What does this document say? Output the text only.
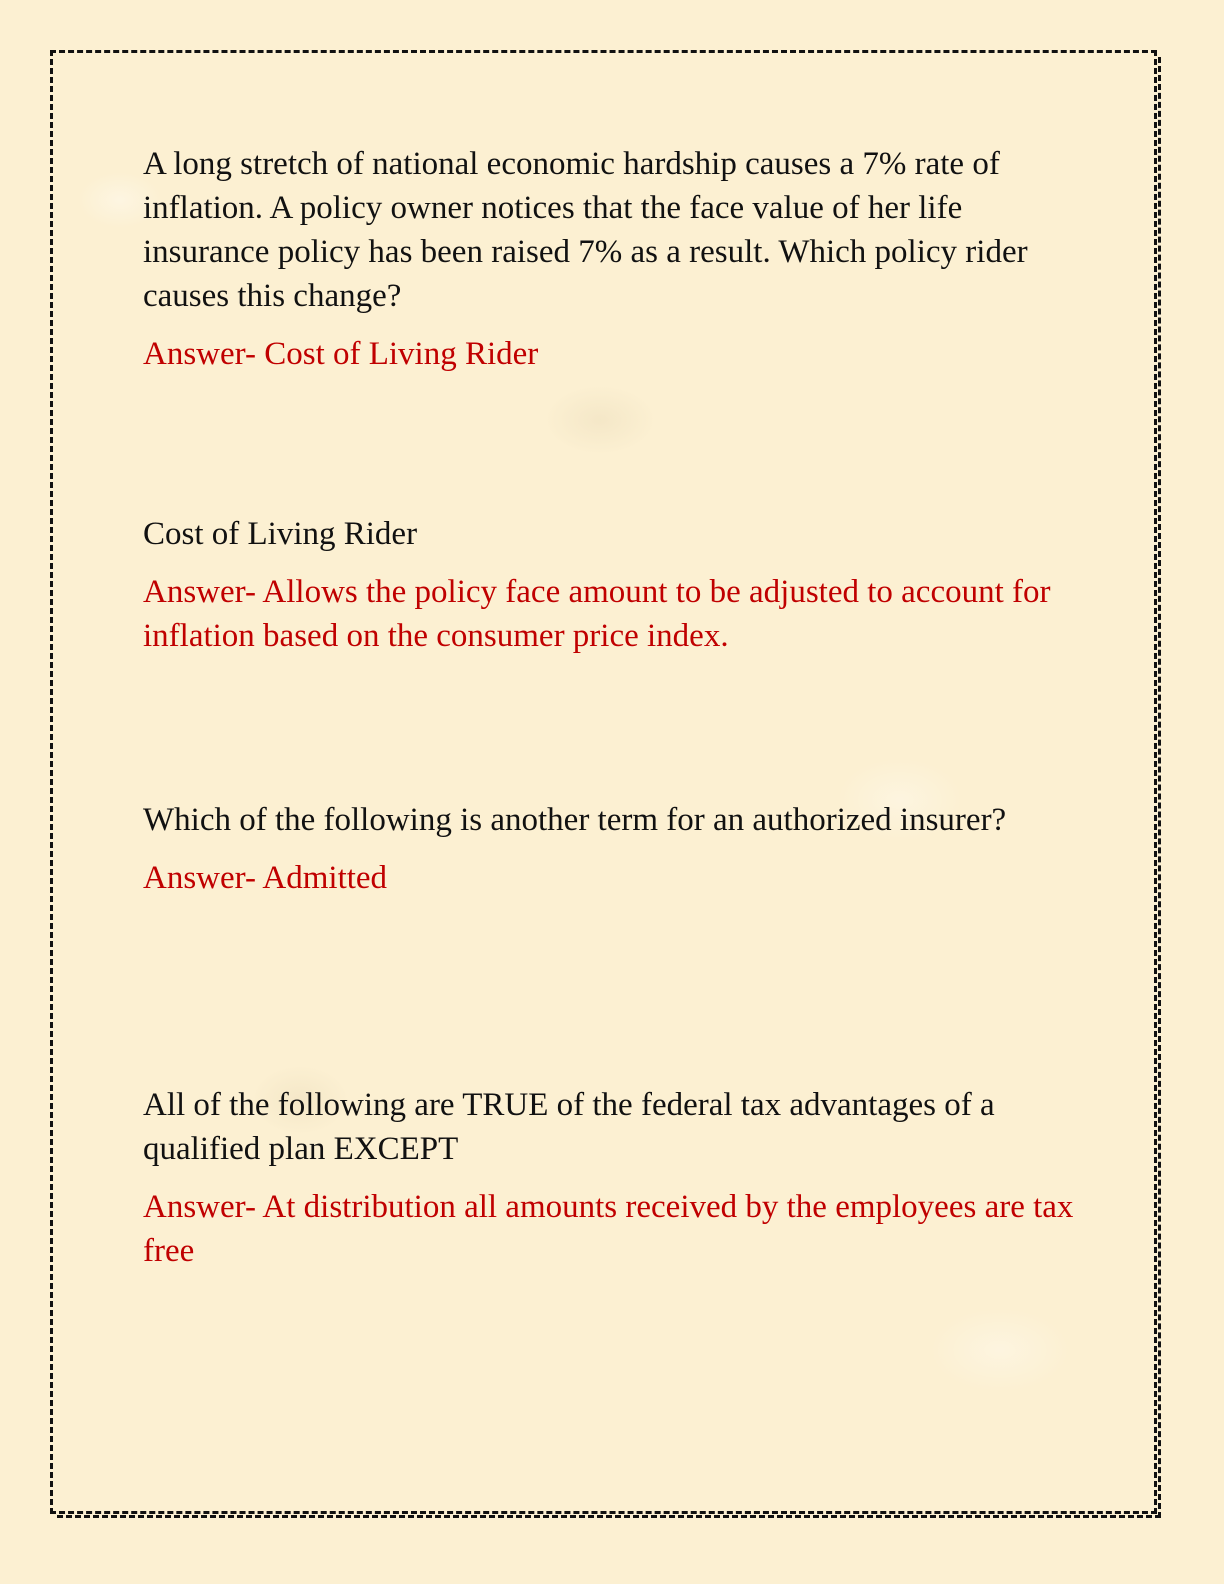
A long stretch of national economic hardship causes a 7% rate of inflation. A policy owner notices that the face value of her life insurance policy has been raised 7% as a result. Which policy rider causes this change?

Answer- Cost of Living Rider

Cost of Living Rider

Answer- Allows the policy face amount to be adjusted to account for inflation based on the consumer price index.

Which of the following is another term for an authorized insurer?

Answer- Admitted

All of the following are TRUE of the federal tax advantages of a qualified plan EXCEPT

Answer- At distribution all amounts received by the employees are tax free
